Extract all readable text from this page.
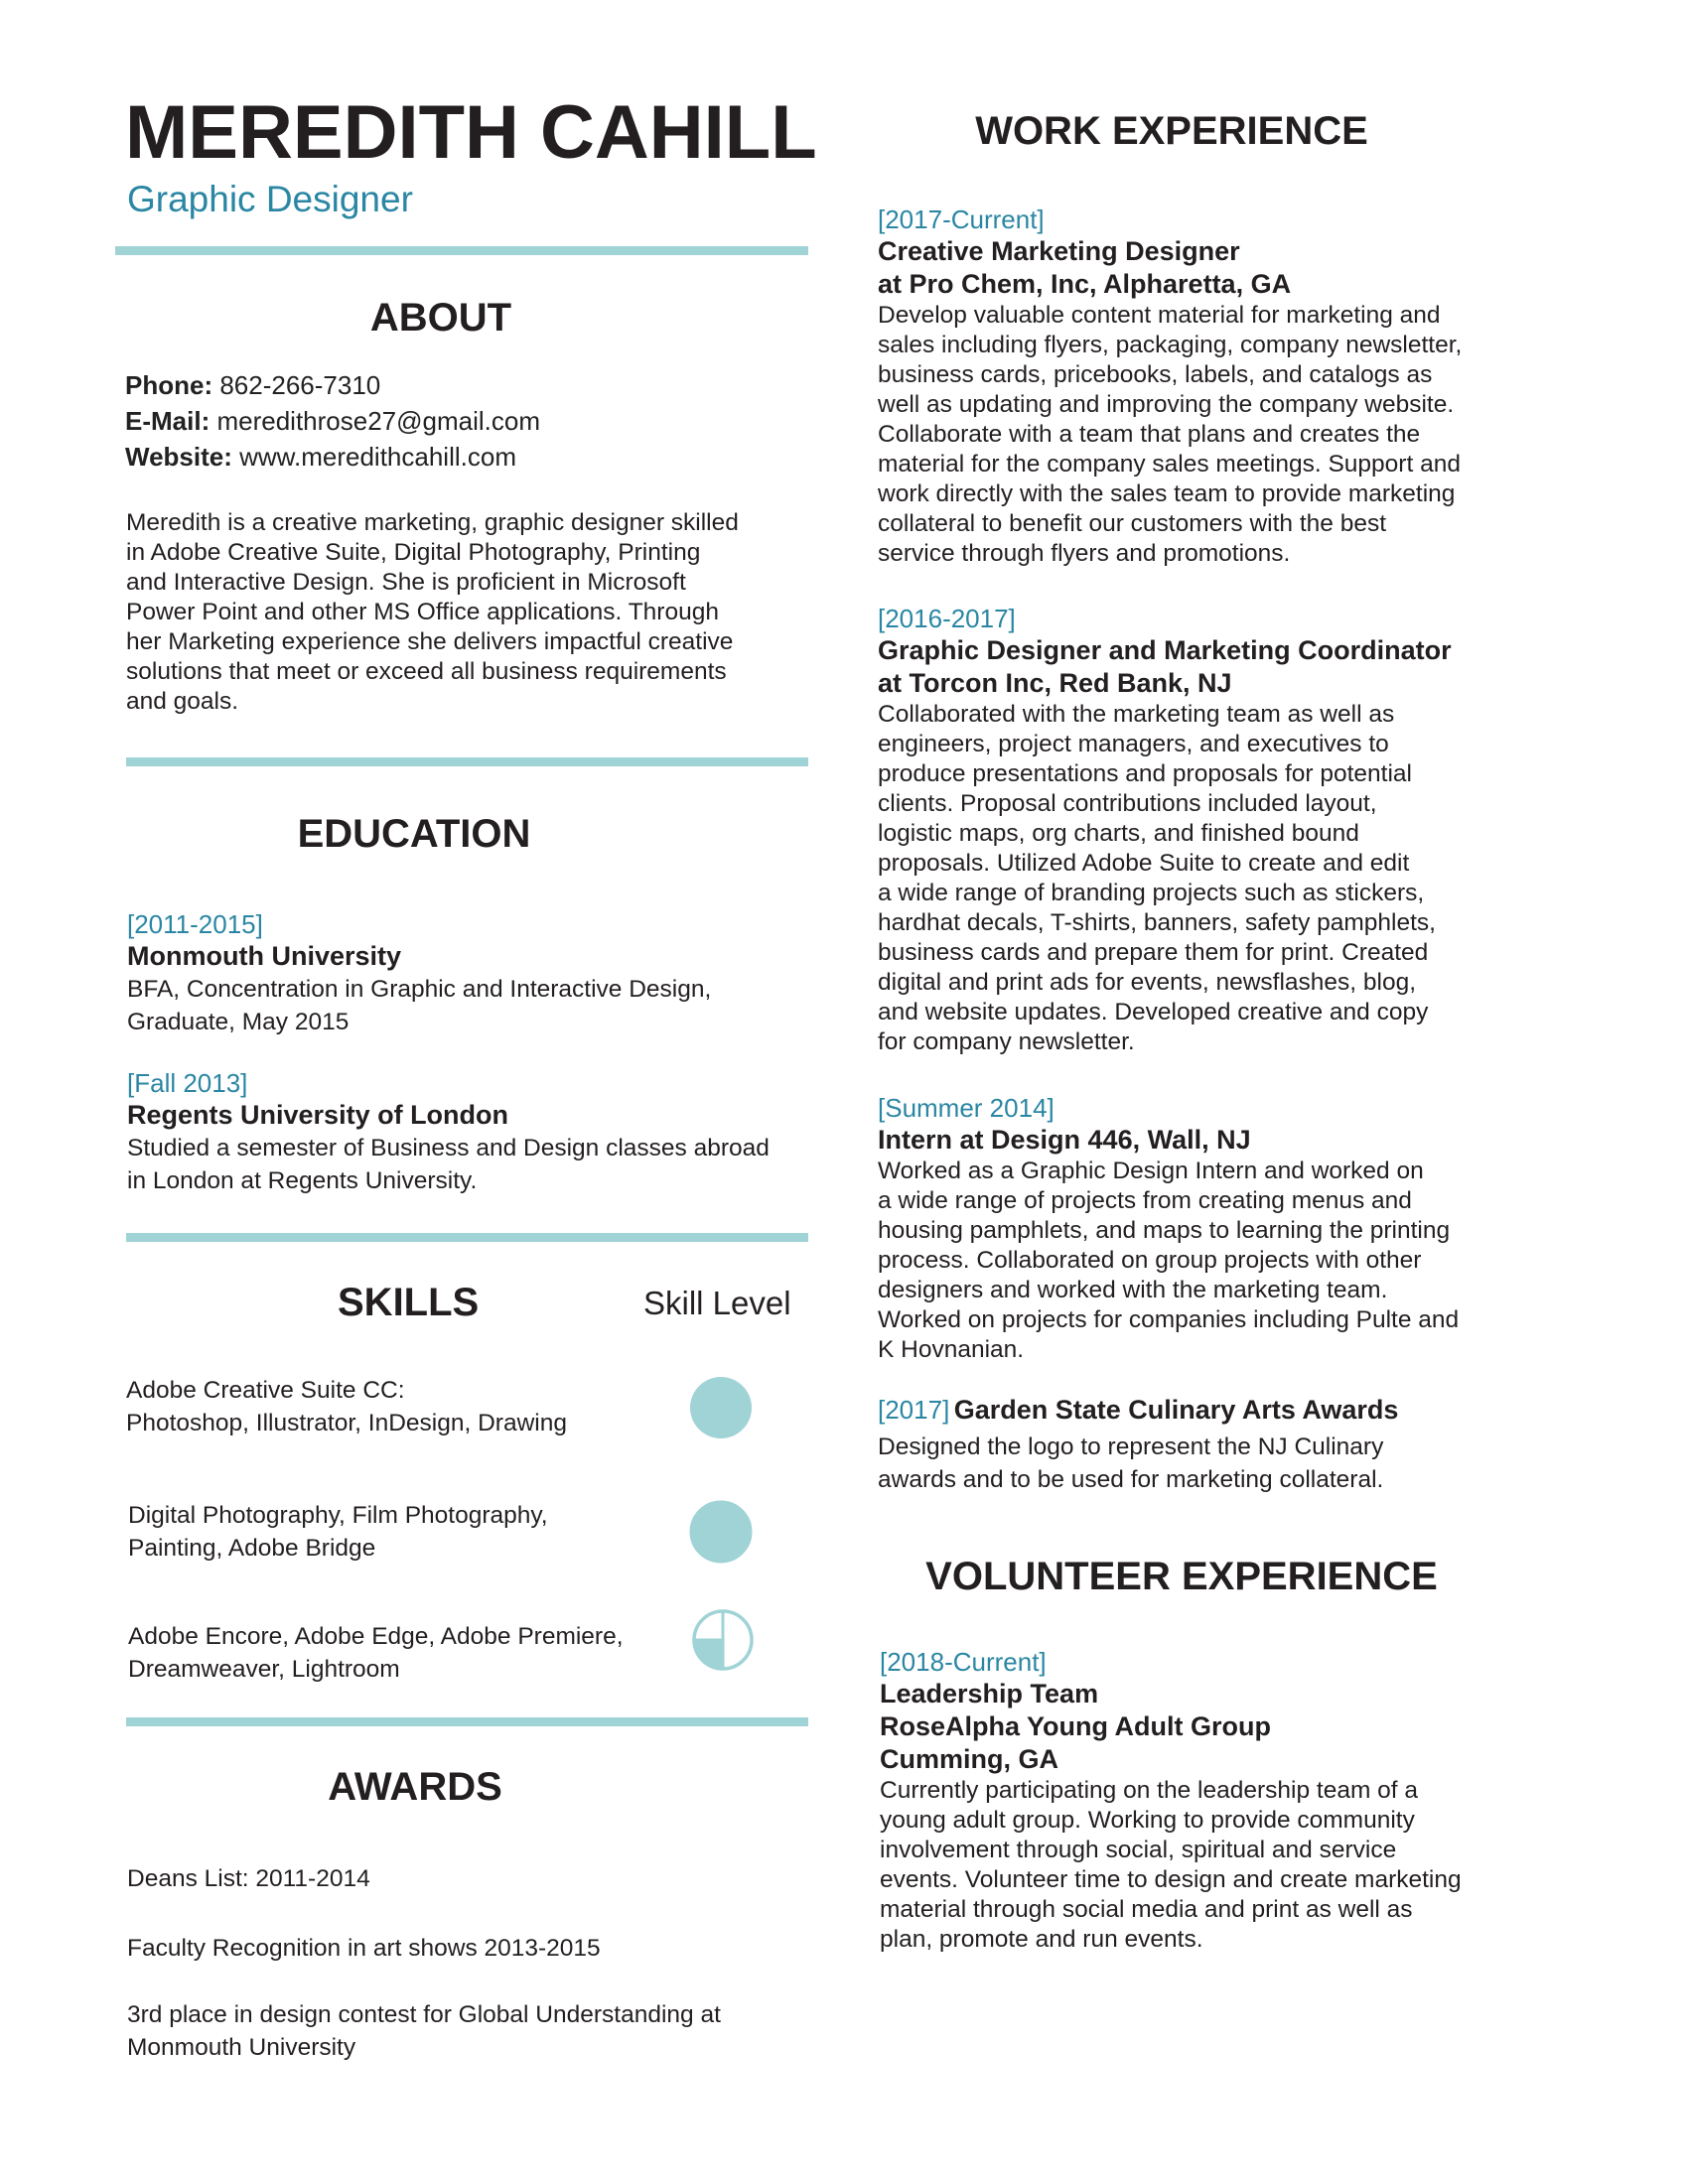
MEREDITH CAHILL
Graphic Designer
ABOUT
Phone: 862-266-7310
E-Mail: meredithrose27@gmail.com
Website: www.meredithcahill.com
Meredith is a creative marketing, graphic designer skilled
in Adobe Creative Suite, Digital Photography, Printing
and Interactive Design. She is proficient in Microsoft
Power Point and other MS Office applications. Through
her Marketing experience she delivers impactful creative
solutions that meet or exceed all business requirements
and goals.
EDUCATION
[2011-2015]
Monmouth University
BFA, Concentration in Graphic and Interactive Design,
Graduate, May 2015
[Fall 2013]
Regents University of London
Studied a semester of Business and Design classes abroad
in London at Regents University.
SKILLS	Skill Level
Adobe Creative Suite CC:
Photoshop, Illustrator, InDesign, Drawing
Digital Photography, Film Photography,
Painting, Adobe Bridge
Adobe Encore, Adobe Edge, Adobe Premiere,
Dreamweaver, Lightroom
AWARDS
Deans List: 2011-2014
Faculty Recognition in art shows 2013-2015
3rd place in design contest for Global Understanding at
Monmouth University
WORK EXPERIENCE
[2017-Current]
Creative Marketing Designer
at Pro Chem, Inc, Alpharetta, GA
Develop valuable content material for marketing and
sales including flyers, packaging, company newsletter,
business cards, pricebooks, labels, and catalogs as
well as updating and improving the company website.
Collaborate with a team that plans and creates the
material for the company sales meetings. Support and
work directly with the sales team to provide marketing
collateral to benefit our customers with the best
service through flyers and promotions.
[2016-2017]
Graphic Designer and Marketing Coordinator
at Torcon Inc, Red Bank, NJ
Collaborated with the marketing team as well as
engineers, project managers, and executives to
produce presentations and proposals for potential
clients. Proposal contributions included layout,
logistic maps, org charts, and finished bound
proposals. Utilized Adobe Suite to create and edit
a wide range of branding projects such as stickers,
hardhat decals, T-shirts, banners, safety pamphlets,
business cards and prepare them for print. Created
digital and print ads for events, newsflashes, blog,
and website updates. Developed creative and copy
for company newsletter.
[Summer 2014]
Intern at Design 446, Wall, NJ
Worked as a Graphic Design Intern and worked on
a wide range of projects from creating menus and
housing pamphlets, and maps to learning the printing
process. Collaborated on group projects with other
designers and worked with the marketing team.
Worked on projects for companies including Pulte and
K Hovnanian.
[2017] Garden State Culinary Arts Awards
Designed the logo to represent the NJ Culinary
awards and to be used for marketing collateral.
VOLUNTEER EXPERIENCE
[2018-Current]
Leadership Team
RoseAlpha Young Adult Group
Cumming, GA
Currently participating on the leadership team of a
young adult group. Working to provide community
involvement through social, spiritual and service
events. Volunteer time to design and create marketing
material through social media and print as well as
plan, promote and run events.
